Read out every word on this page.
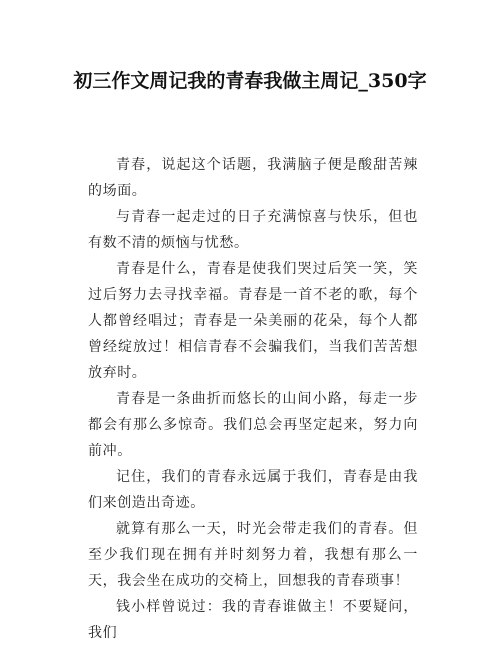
初三作文周记我的青春我做主周记_350字

青春，说起这个话题，我满脑子便是酸甜苦辣的场面。

与青春一起走过的日子充满惊喜与快乐，但也有数不清的烦恼与忧愁。

青春是什么，青春是使我们哭过后笑一笑，笑过后努力去寻找幸福。青春是一首不老的歌，每个人都曾经唱过；青春是一朵美丽的花朵，每个人都曾经绽放过！相信青春不会骗我们，当我们苦苦想放弃时。

青春是一条曲折而悠长的山间小路，每走一步都会有那么多惊奇。我们总会再坚定起来，努力向前冲。

记住，我们的青春永远属于我们，青春是由我们来创造出奇迹。

就算有那么一天，时光会带走我们的青春。但至少我们现在拥有并时刻努力着，我想有那么一天，我会坐在成功的交椅上，回想我的青春琐事！

钱小样曾说过：我的青春谁做主！不要疑问，我们
